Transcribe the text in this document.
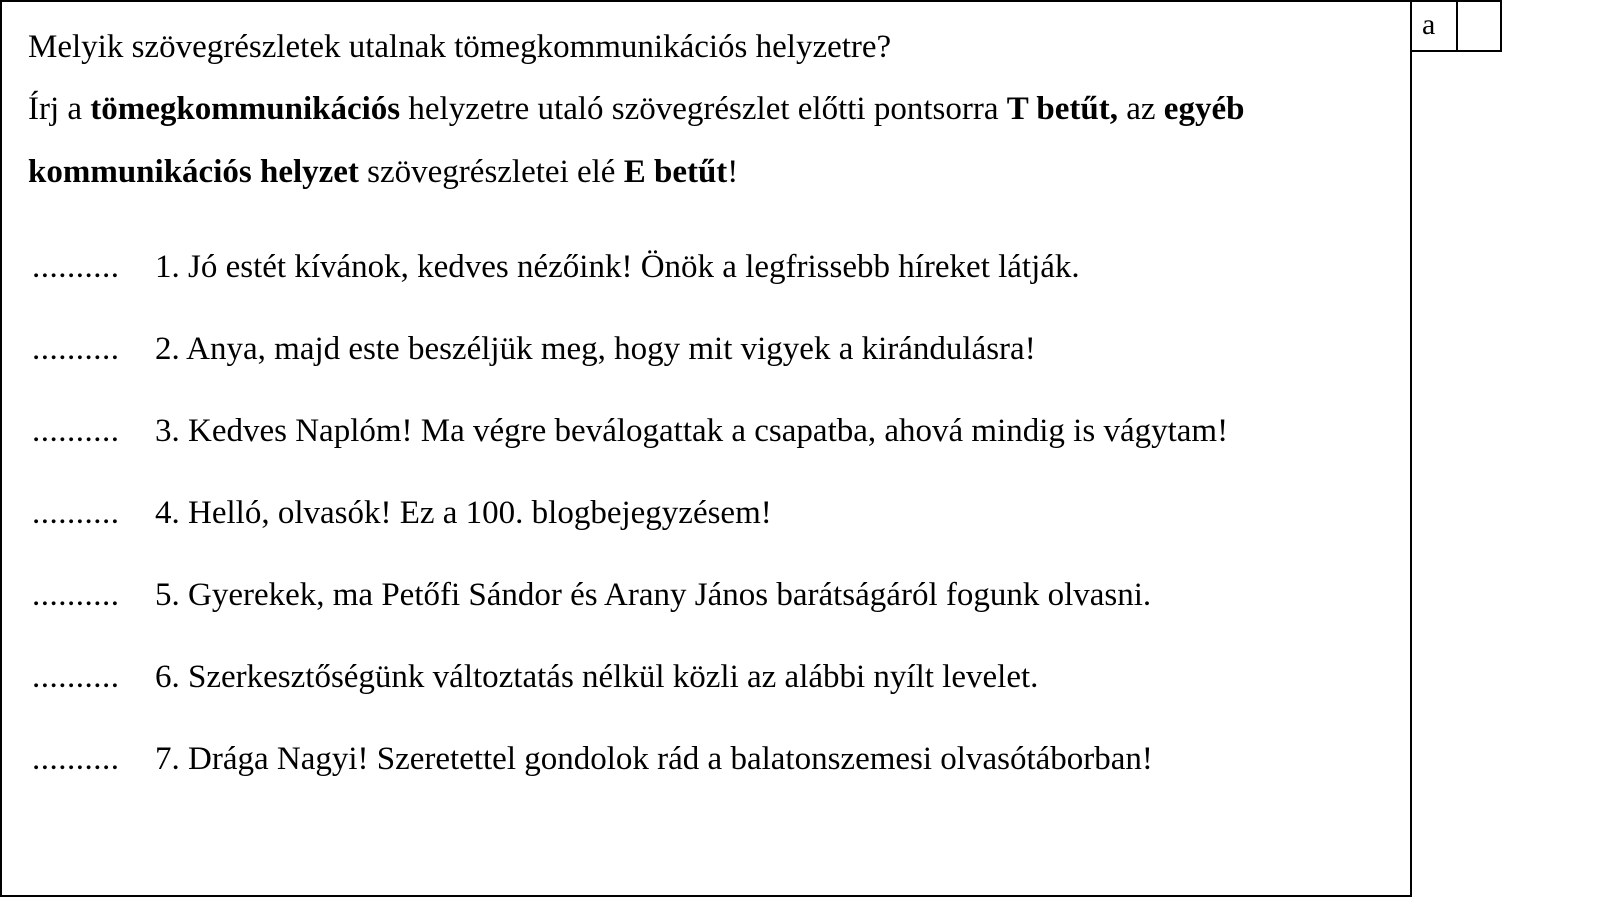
a
Melyik szövegrészletek utalnak tömegkommunikációs helyzetre?
Írj a tömegkommunikációs helyzetre utaló szövegrészlet előtti pontsorra T betűt, az egyéb
kommunikációs helyzet szövegrészletei elé E betűt!
..........	1. Jó estét kívánok, kedves nézőink! Önök a legfrissebb híreket látják.
..........	2. Anya, majd este beszéljük meg, hogy mit vigyek a kirándulásra!
..........	3. Kedves Naplóm! Ma végre beválogattak a csapatba, ahová mindig is vágytam!
..........	4. Helló, olvasók! Ez a 100. blogbejegyzésem!
..........	5. Gyerekek, ma Petőfi Sándor és Arany János barátságáról fogunk olvasni.
..........	6. Szerkesztőségünk változtatás nélkül közli az alábbi nyílt levelet.
..........	7. Drága Nagyi! Szeretettel gondolok rád a balatonszemesi olvasótáborban!
